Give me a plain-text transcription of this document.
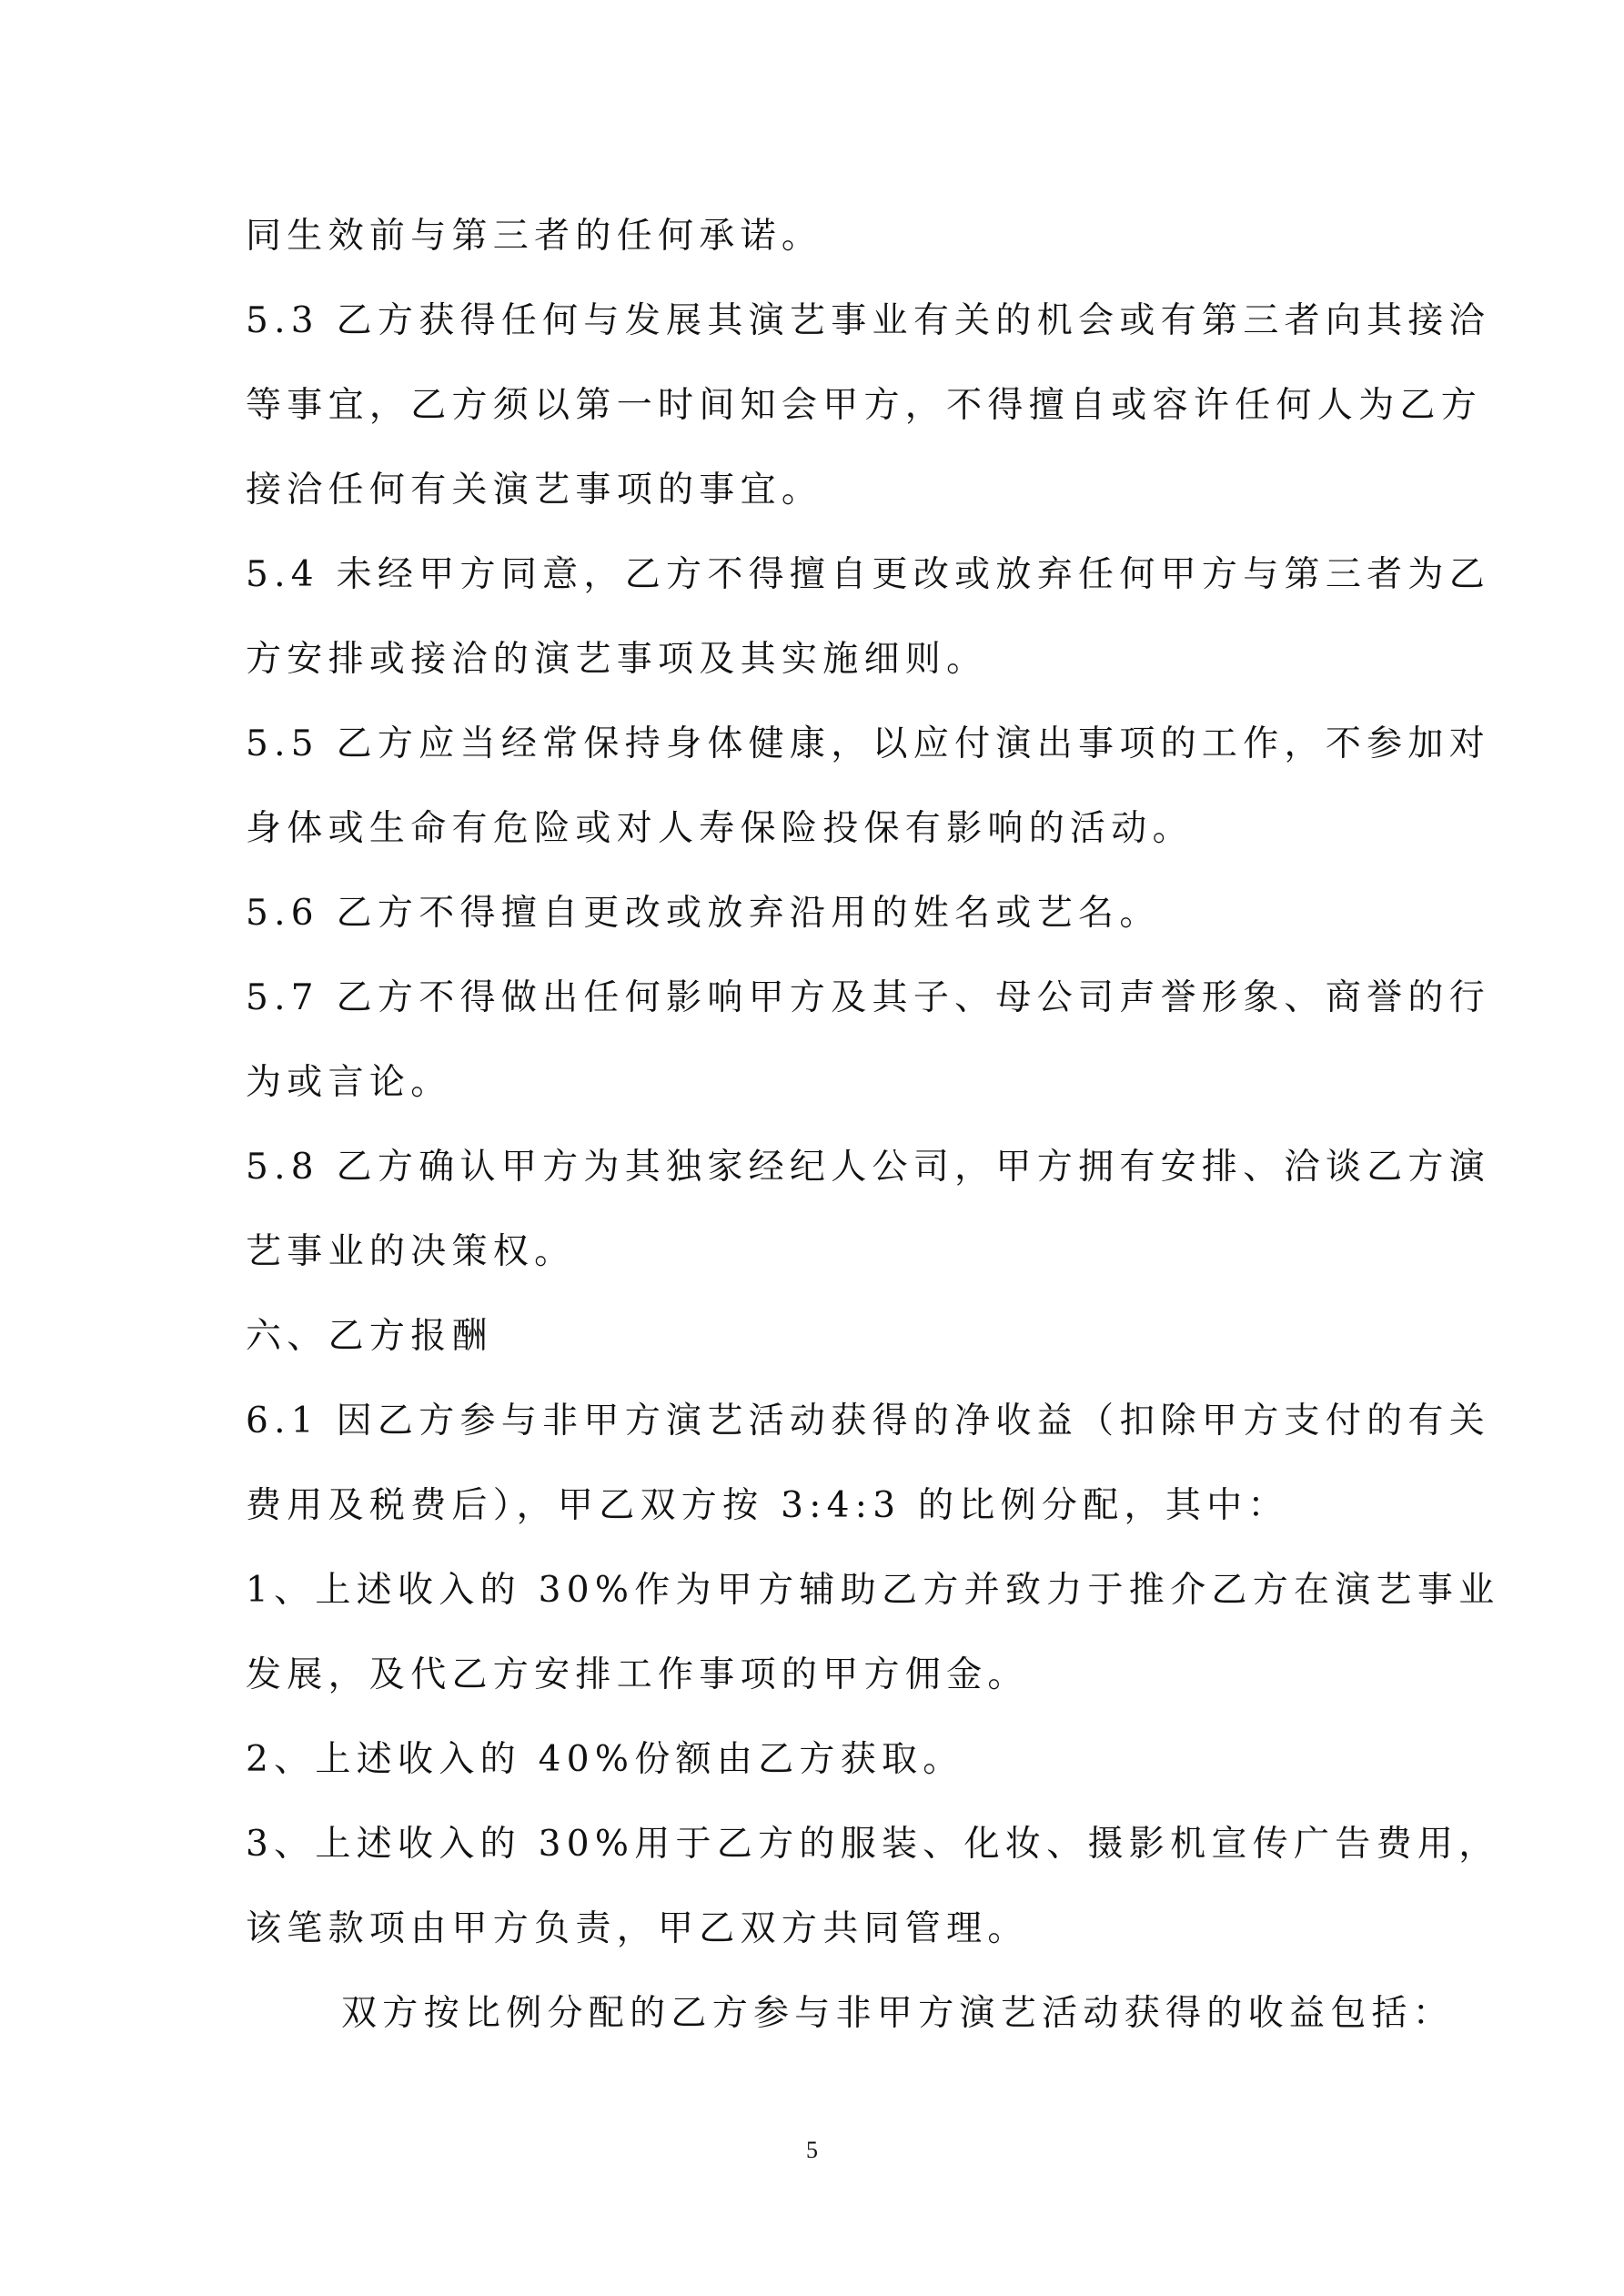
同生效前与第三者的任何承诺。
5.3 乙方获得任何与发展其演艺事业有关的机会或有第三者向其接洽
等事宜，乙方须以第一时间知会甲方，不得擅自或容许任何人为乙方
接洽任何有关演艺事项的事宜。
5.4 未经甲方同意，乙方不得擅自更改或放弃任何甲方与第三者为乙
方安排或接洽的演艺事项及其实施细则。
5.5 乙方应当经常保持身体健康，以应付演出事项的工作，不参加对
身体或生命有危险或对人寿保险投保有影响的活动。
5.6 乙方不得擅自更改或放弃沿用的姓名或艺名。
5.7 乙方不得做出任何影响甲方及其子、母公司声誉形象、商誉的行
为或言论。
5.8 乙方确认甲方为其独家经纪人公司，甲方拥有安排、洽谈乙方演
艺事业的决策权。
六、乙方报酬
6.1 因乙方参与非甲方演艺活动获得的净收益（扣除甲方支付的有关
费用及税费后），甲乙双方按 3:4:3 的比例分配，其中：
1、上述收入的 30%作为甲方辅助乙方并致力于推介乙方在演艺事业
发展，及代乙方安排工作事项的甲方佣金。
2、上述收入的 40%份额由乙方获取。
3、上述收入的 30%用于乙方的服装、化妆、摄影机宣传广告费用，
该笔款项由甲方负责，甲乙双方共同管理。
双方按比例分配的乙方参与非甲方演艺活动获得的收益包括：
5
